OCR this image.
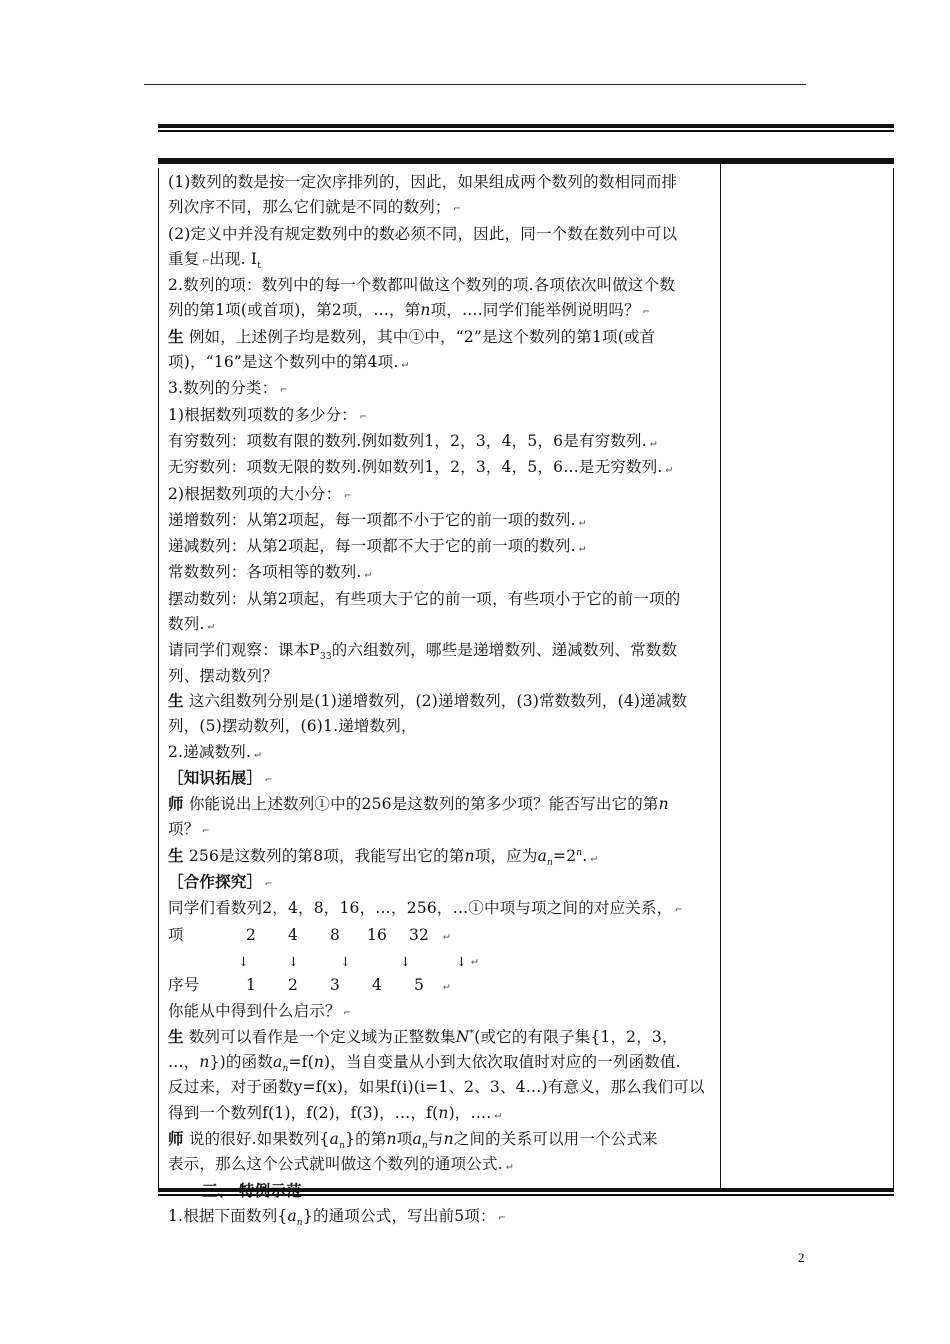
(1)数列的数是按一定次序排列的，因此，如果组成两个数列的数相同而排

列次序不同，那么它们就是不同的数列； ⌐

(2)定义中并没有规定数列中的数必须不同，因此，同一个数在数列中可以

重复 ⌐出现. $I_t$

2.数列的项：数列中的每一个数都叫做这个数列的项.各项依次叫做这个数

列的第1项(或首项)，第2项，…，第n项，….同学们能举例说明吗？ ⌐

生 例如，上述例子均是数列，其中①中，“2”是这个数列的第1项(或首

项)，“16”是这个数列中的第4项. ↵

3.数列的分类： ⌐

1)根据数列项数的多少分： ⌐

有穷数列：项数有限的数列.例如数列1，2，3，4，5，6是有穷数列. ↵

无穷数列：项数无限的数列.例如数列1，2，3，4，5，6…是无穷数列. ↵

2)根据数列项的大小分： ⌐

递增数列：从第2项起，每一项都不小于它的前一项的数列. ↵

递减数列：从第2项起，每一项都不大于它的前一项的数列. ↵

常数数列：各项相等的数列. ↵

摆动数列：从第2项起，有些项大于它的前一项，有些项小于它的前一项的

数列. ↵

请同学们观察：课本$P_{33}$的六组数列，哪些是递增数列、递减数列、常数数

列、摆动数列？

生 这六组数列分别是(1)递增数列，(2)递增数列，(3)常数数列，(4)递减数

列，(5)摆动数列，(6)1.递增数列，

2.递减数列. ↵

［知识拓展］ ⌐

师 你能说出上述数列①中的256是这数列的第多少项？能否写出它的第n

项？ ⌐

生 256是这数列的第8项，我能写出它的第n项，应为$a_n=2^n$. ↵

［合作探究］ ⌐

同学们看数列2，4，8，16，…，256，…①中项与项之间的对应关系， ⌐

项	2	4	8	16	32	↵
↓	↓	↓	↓	↓ ↵
序号	1	2	3	4	5	↵

你能从中得到什么启示？ ⌐

生 数列可以看作是一个定义域为正整数集N*(或它的有限子集{1，2，3，

…，n})的函数$a_n=f(n)$，当自变量从小到大依次取值时对应的一列函数值.

反过来，对于函数y=f(x)，如果f(i)(i=1、2、3、4…)有意义，那么我们可以

得到一个数列f(1)，f(2)，f(3)，…，f(n)，…. ↵

师 说的很好.如果数列$\{a_n\}$的第n项$a_n$与n之间的关系可以用一个公式来

表示，那么这个公式就叫做这个数列的通项公式. ↵

三、 特例示范

1.根据下面数列$\{a_n\}$的通项公式，写出前5项： ⌐

2
